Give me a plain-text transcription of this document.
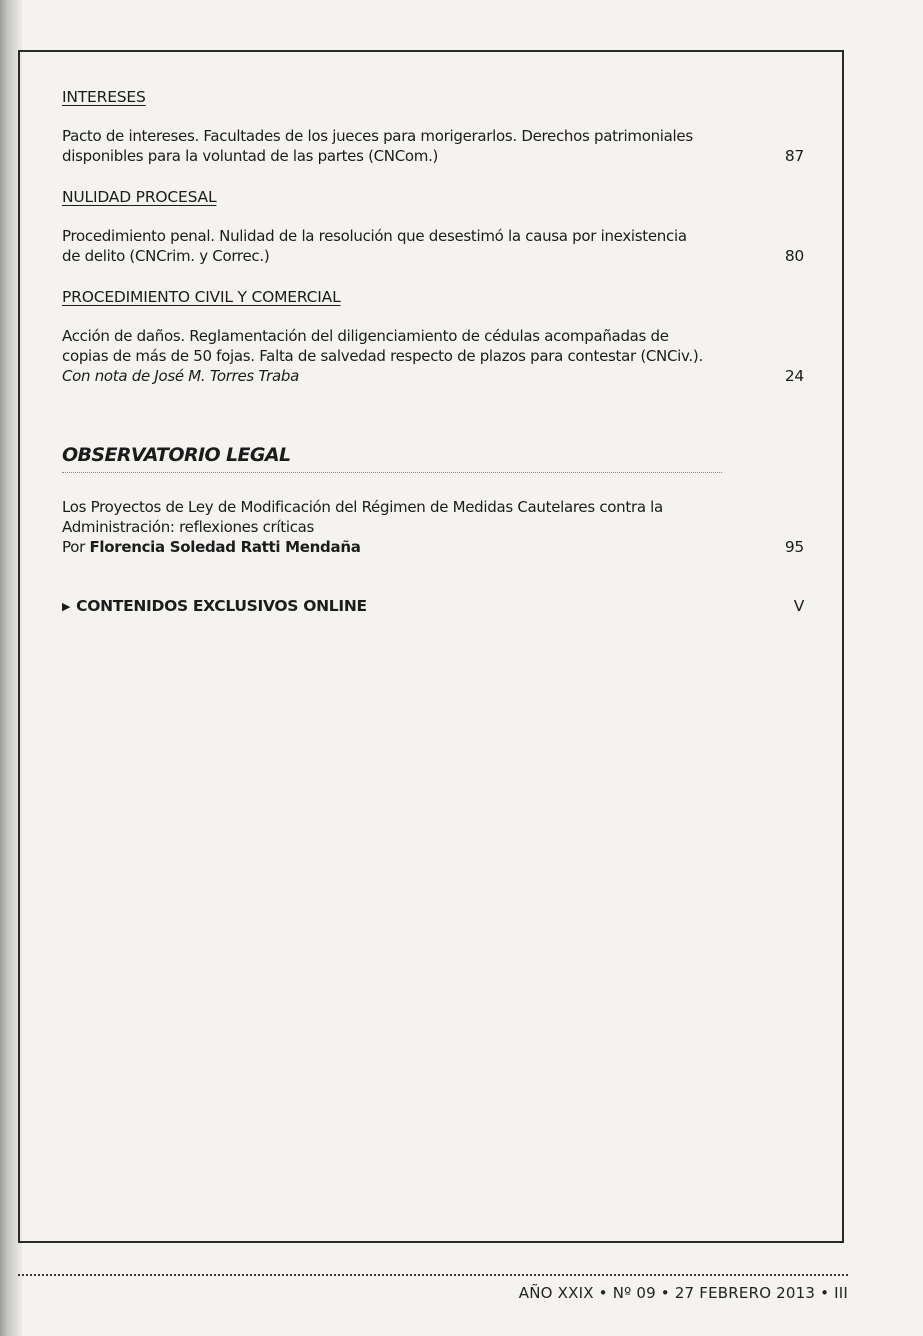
INTERESES
Pacto de intereses. Facultades de los jueces para morigerarlos. Derechos patrimoniales
disponibles para la voluntad de las partes (CNCom.)	87
NULIDAD PROCESAL
Procedimiento penal. Nulidad de la resolución que desestimó la causa por inexistencia
de delito (CNCrim. y Correc.)	80
PROCEDIMIENTO CIVIL Y COMERCIAL
Acción de daños. Reglamentación del diligenciamiento de cédulas acompañadas de
copias de más de 50 fojas. Falta de salvedad respecto de plazos para contestar (CNCiv.).
Con nota de José M. Torres Traba	24
OBSERVATORIO LEGAL
Los Proyectos de Ley de Modificación del Régimen de Medidas Cautelares contra la
Administración: reflexiones críticas
Por Florencia Soledad Ratti Mendaña	95
▶ CONTENIDOS EXCLUSIVOS ONLINE	V
AÑO XXIX • Nº 09 • 27 FEBRERO 2013 • III
